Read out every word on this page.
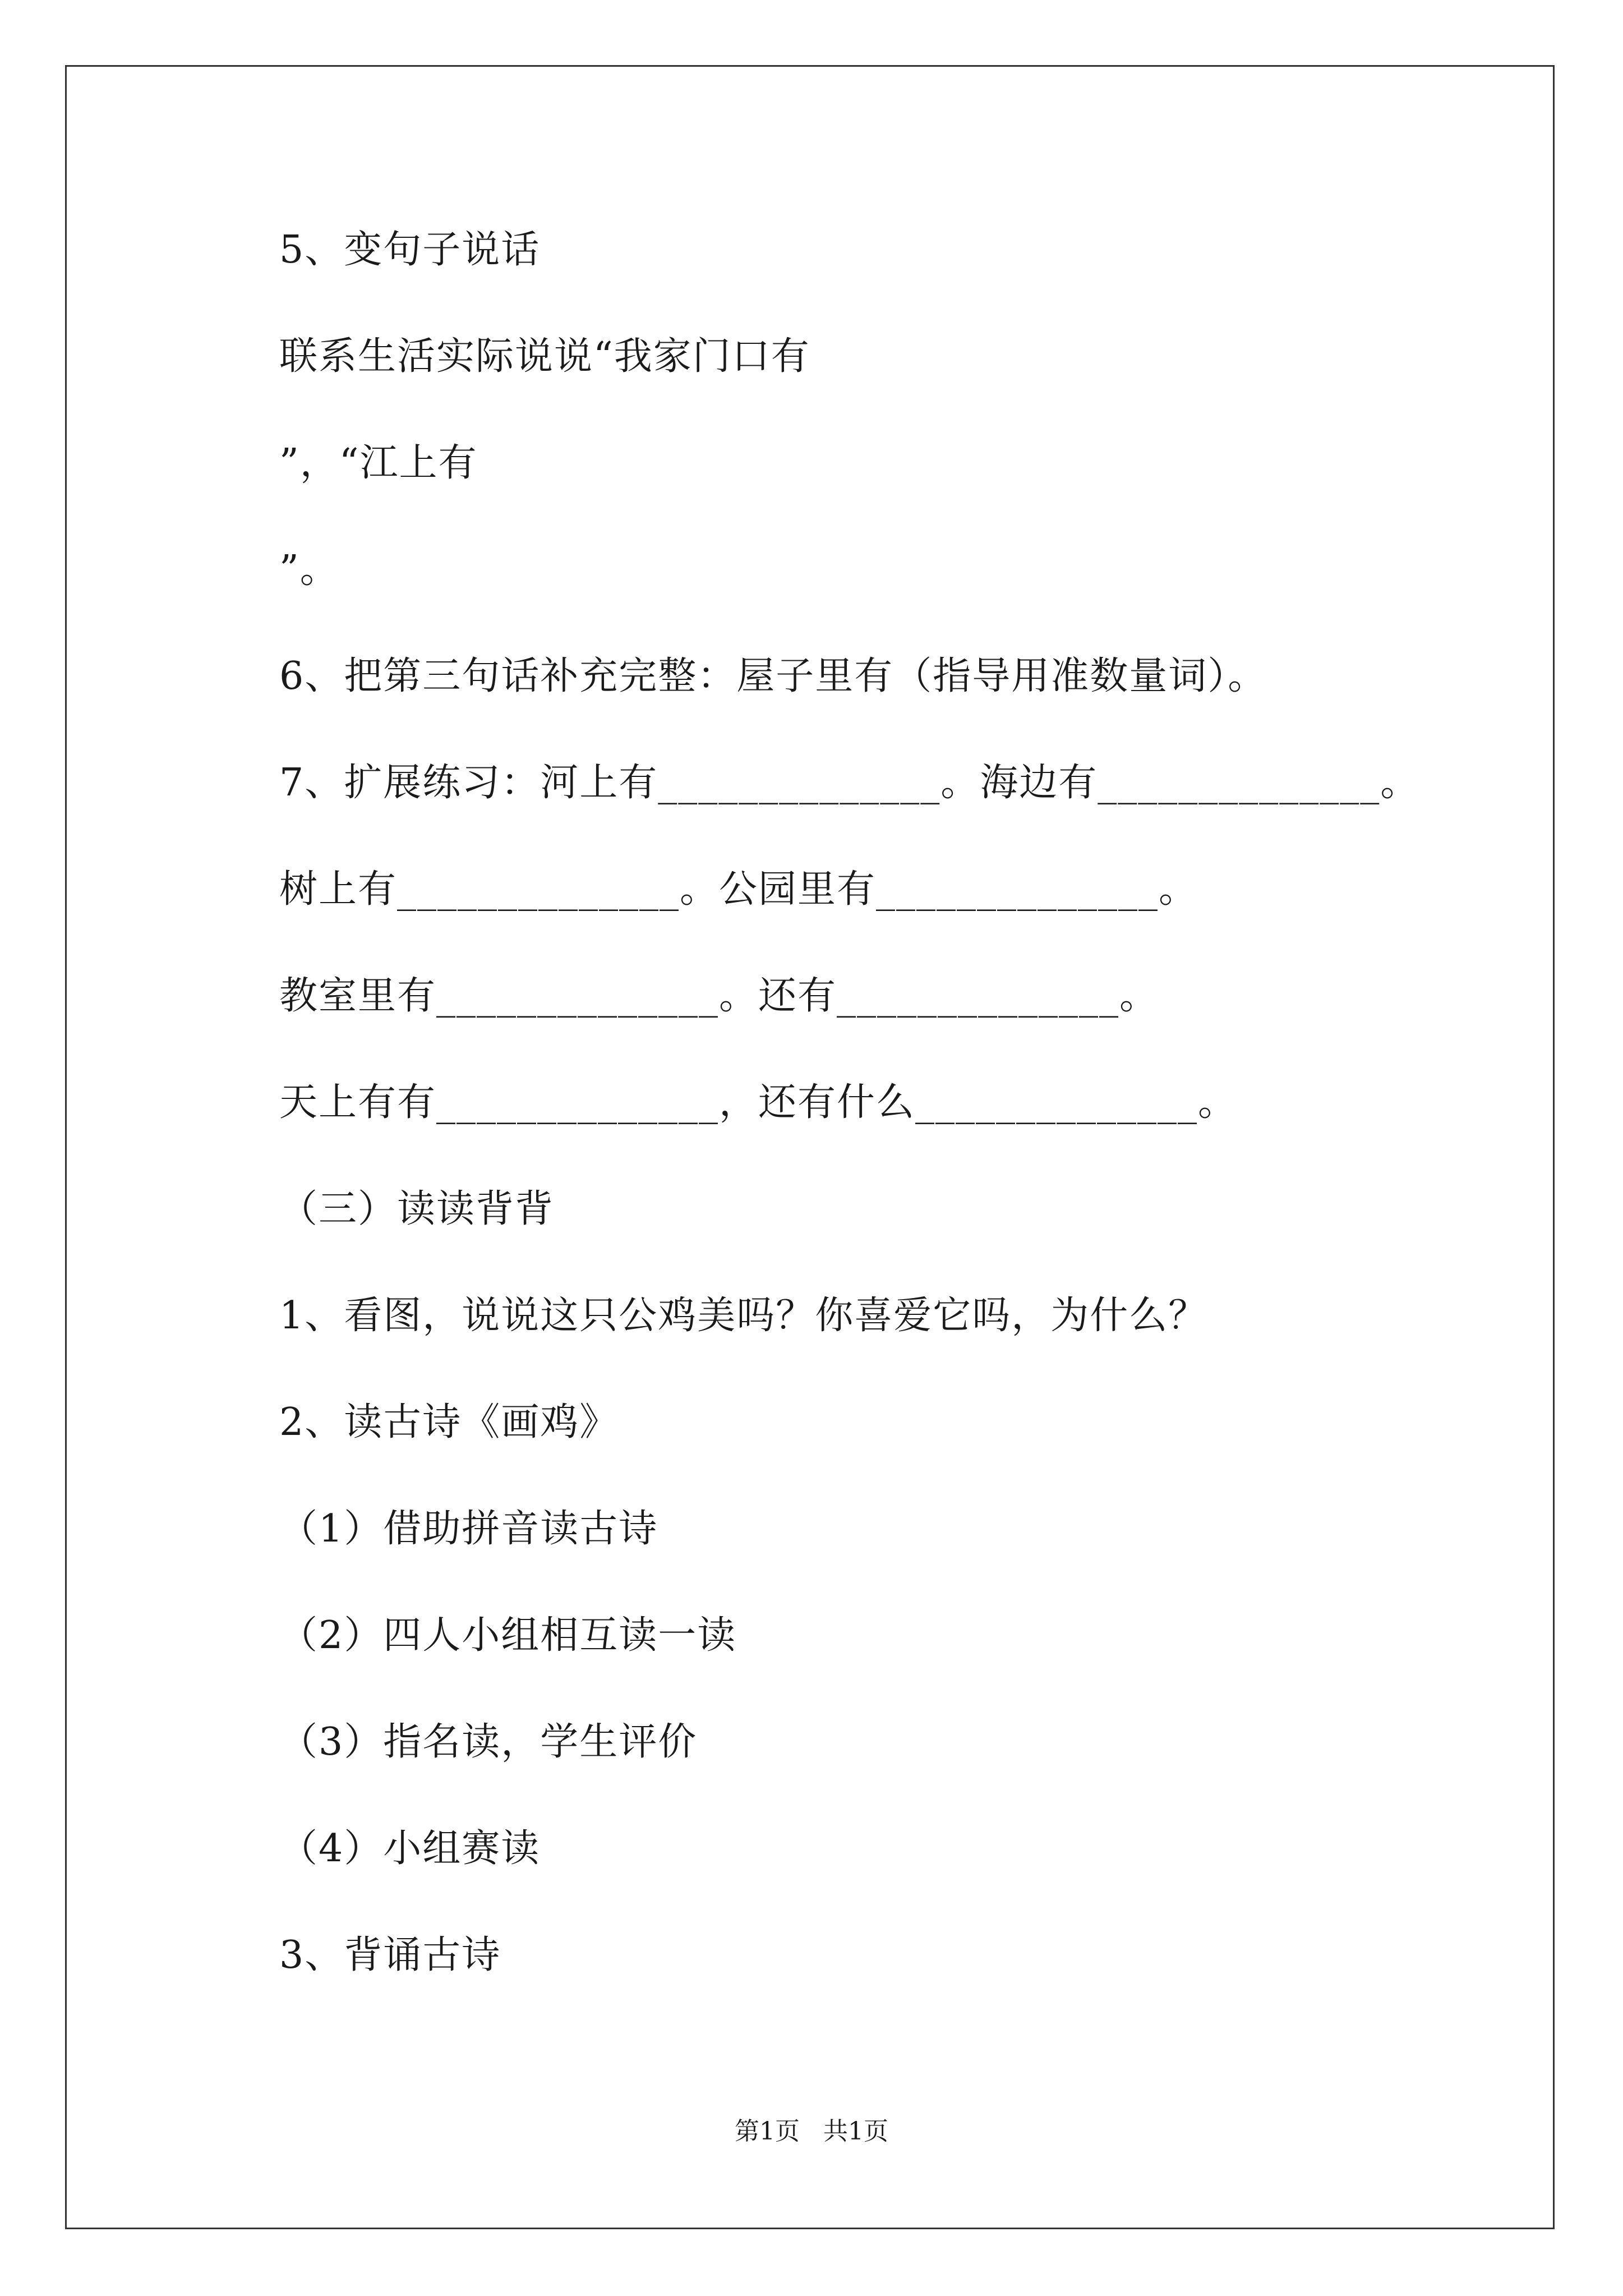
5、变句子说话
联系生活实际说说“我家门口有
”，“江上有
”。
6、把第三句话补充完整：屋子里有（指导用准数量词）。
7、扩展练习：河上有______________。海边有______________。
树上有______________。公园里有______________。
教室里有______________。还有______________。
天上有有______________，还有什么______________。
（三）读读背背
1、看图，说说这只公鸡美吗？你喜爱它吗，为什么？
2、读古诗《画鸡》
（1）借助拼音读古诗
（2）四人小组相互读一读
（3）指名读，学生评价
（4）小组赛读
3、背诵古诗
第1页   共1页
